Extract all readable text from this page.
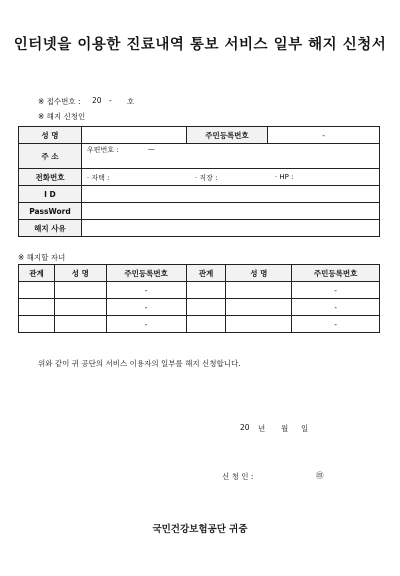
인터넷을 이용한 진료내역 통보 서비스 일부 해지 신청서
※ 접수번호 : 20 - 호
※ 해지 신청인
성 명		주민등록번호	-
주 소	우편번호 : —		

전화번호	· 자택 : · 직장 : · HP :		

I D			
PassWord			
해지 사유			
※ 해지할 자녀
관계	성 명	주민등록번호	관계	성 명	주민등록번호
		-			-
		-			-
		-			-
위와 같이 귀 공단의 서비스 이용자의 일부를 해지 신청합니다.
20 년 월 일
신 청 인 :	㊞
국민건강보험공단 귀중
